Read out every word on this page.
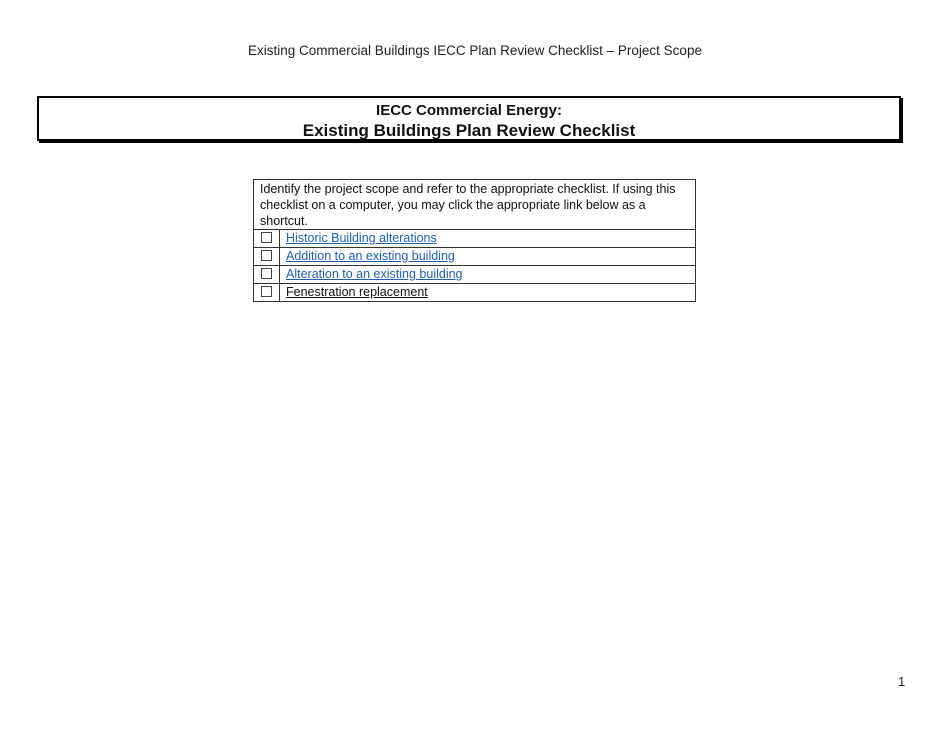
Existing Commercial Buildings IECC Plan Review Checklist – Project Scope
IECC Commercial Energy:
Existing Buildings Plan Review Checklist
Identify the project scope and refer to the appropriate checklist. If using this checklist on a computer, you may click the appropriate link below as a shortcut.	
	Historic Building alterations
	Addition to an existing building
	Alteration to an existing building
	Fenestration replacement
1
